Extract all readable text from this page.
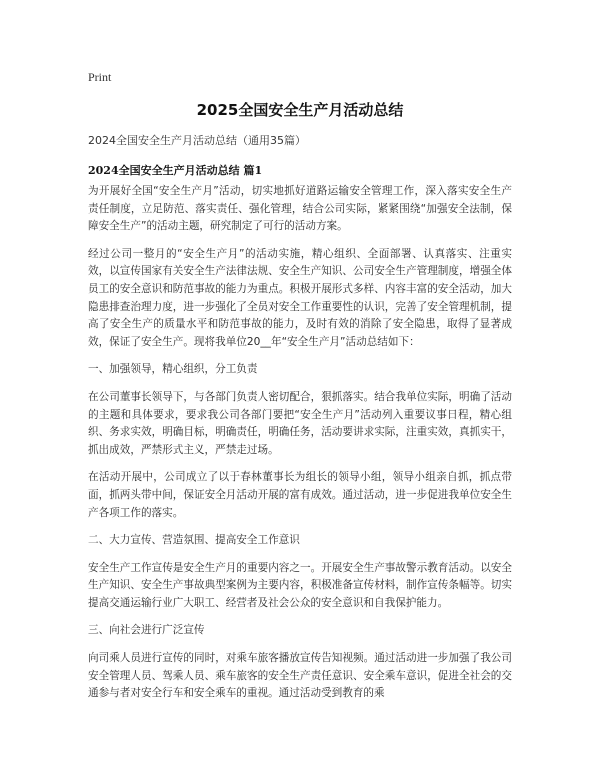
Print
2025全国安全生产月活动总结
2024全国安全生产月活动总结（通用35篇）
2024全国安全生产月活动总结 篇1

为开展好全国“安全生产月”活动，切实地抓好道路运输安全管理工作，深入落实安全生产责任制度，立足防范、落实责任、强化管理，结合公司实际，紧紧围绕“加强安全法制，保障安全生产”的活动主题，研究制定了可行的活动方案。

经过公司一整月的“安全生产月”的活动实施，精心组织、全面部署、认真落实、注重实效，以宣传国家有关安全生产法律法规、安全生产知识、公司安全生产管理制度，增强全体员工的安全意识和防范事故的能力为重点。积极开展形式多样、内容丰富的安全活动，加大隐患排查治理力度，进一步强化了全员对安全工作重要性的认识，完善了安全管理机制，提高了安全生产的质量水平和防范事故的能力，及时有效的消除了安全隐患，取得了显著成效，保证了安全生产。现将我单位20__年“安全生产月”活动总结如下：

一、加强领导，精心组织，分工负责

在公司董事长领导下，与各部门负责人密切配合，狠抓落实。结合我单位实际，明确了活动的主题和具体要求，要求我公司各部门要把“安全生产月”活动列入重要议事日程，精心组织、务求实效，明确目标，明确责任，明确任务，活动要讲求实际，注重实效，真抓实干，抓出成效，严禁形式主义，严禁走过场。

在活动开展中，公司成立了以于春林董事长为组长的领导小组，领导小组亲自抓，抓点带面，抓两头带中间，保证安全月活动开展的富有成效。通过活动，进一步促进我单位安全生产各项工作的落实。

二、大力宣传、营造氛围、提高安全工作意识

安全生产工作宣传是安全生产月的重要内容之一。开展安全生产事故警示教育活动。以安全生产知识、安全生产事故典型案例为主要内容，积极准备宣传材料，制作宣传条幅等。切实提高交通运输行业广大职工、经营者及社会公众的安全意识和自我保护能力。

三、向社会进行广泛宣传

向司乘人员进行宣传的同时，对乘车旅客播放宣传告知视频。通过活动进一步加强了我公司安全管理人员、驾乘人员、乘车旅客的安全生产责任意识、安全乘车意识，促进全社会的交通参与者对安全行车和安全乘车的重视。通过活动受到教育的乘
